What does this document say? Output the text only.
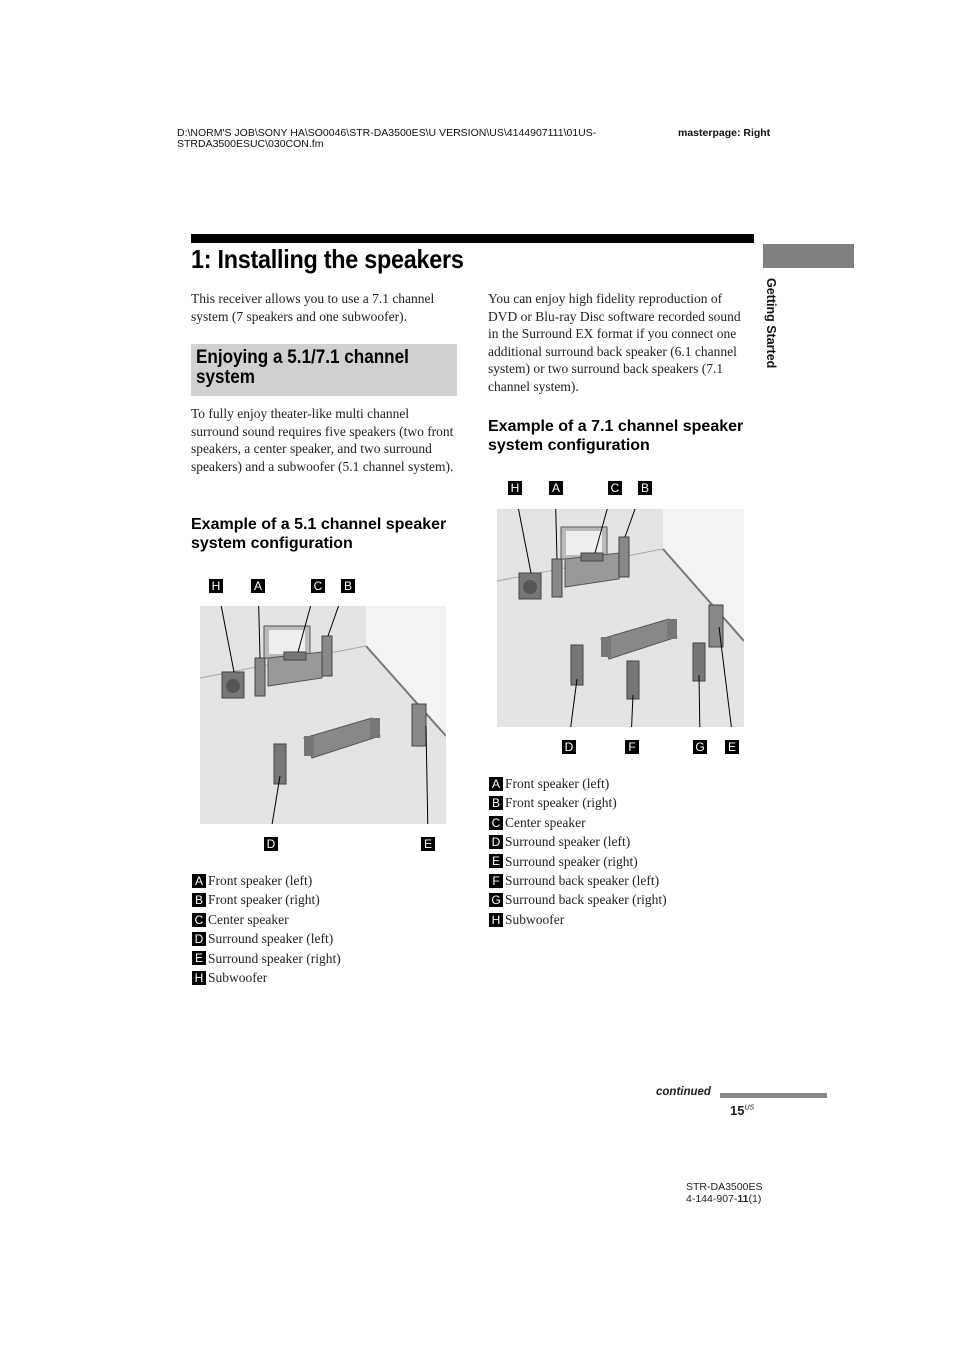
D:\NORM'S JOB\SONY HA\SO0046\STR-DA3500ES\U VERSION\US\4144907111\01US-
STRDA3500ESUC\030CON.fm
masterpage: Right
1: Installing the speakers
Getting Started
This receiver allows you to use a 7.1 channel system (7 speakers and one subwoofer).
Enjoying a 5.1/7.1 channel system
To fully enjoy theater-like multi channel surround sound requires five speakers (two front speakers, a center speaker, and two surround speakers) and a subwoofer (5.1 channel system).
Example of a 5.1 channel speaker system configuration
H	A	C B
D	E
A Front speaker (left)
B Front speaker (right)
C Center speaker
D Surround speaker (left)
E Surround speaker (right)
H Subwoofer
You can enjoy high fidelity reproduction of DVD or Blu-ray Disc software recorded sound in the Surround EX format if you connect one additional surround back speaker (6.1 channel system) or two surround back speakers (7.1 channel system).
Example of a 7.1 channel speaker system configuration
H	A	C B
D	F	G E
A Front speaker (left)
B Front speaker (right)
C Center speaker
D Surround speaker (left)
E Surround speaker (right)
F Surround back speaker (left)
G Surround back speaker (right)
H Subwoofer
continued
$15^{US}$
STR-DA3500ES
4-144-907-11(1)
